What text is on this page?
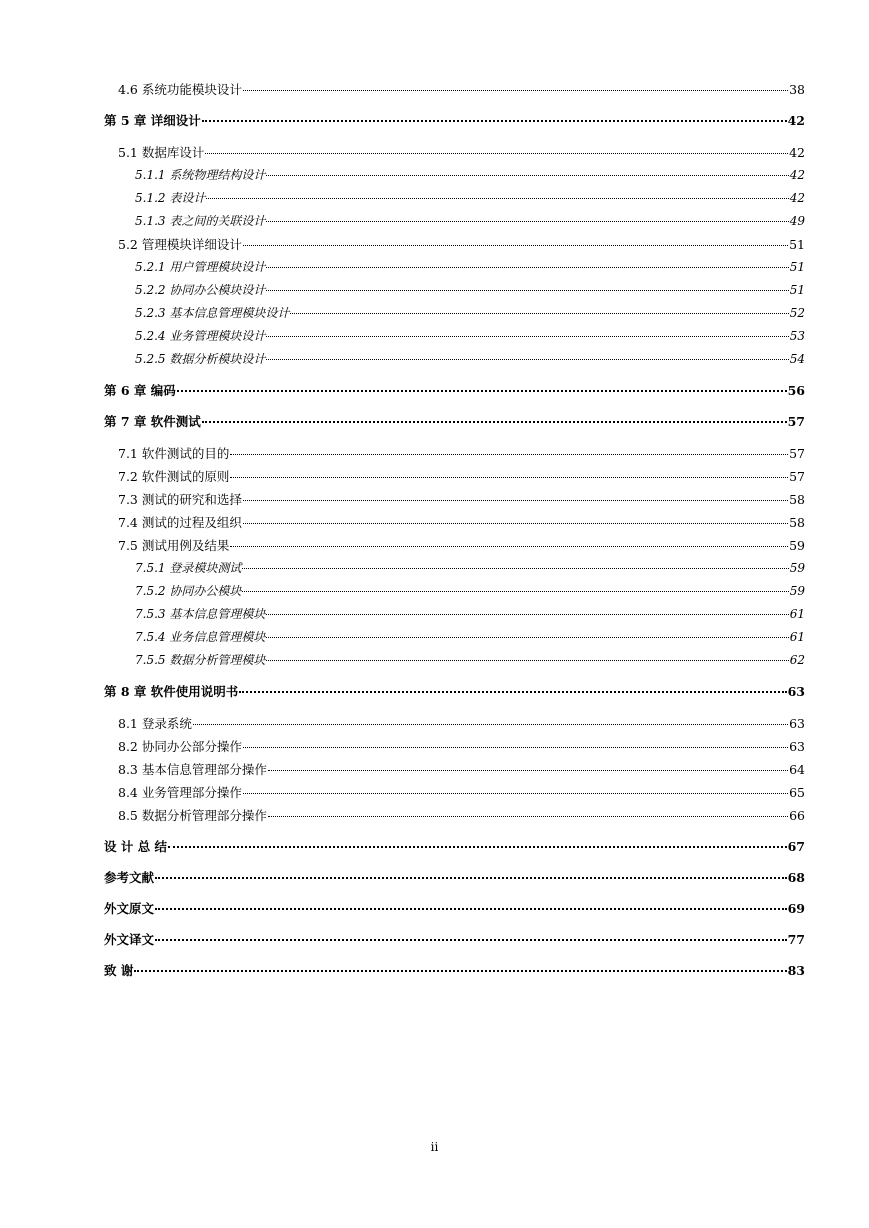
4.6 系统功能模块设计	38
第 5 章 详细设计	42
5.1 数据库设计	42
5.1.1 系统物理结构设计	42
5.1.2 表设计	42
5.1.3 表之间的关联设计	49
5.2 管理模块详细设计	51
5.2.1 用户管理模块设计	51
5.2.2 协同办公模块设计	51
5.2.3 基本信息管理模块设计	52
5.2.4 业务管理模块设计	53
5.2.5 数据分析模块设计	54
第 6 章 编码	56
第 7 章 软件测试	57
7.1 软件测试的目的	57
7.2 软件测试的原则	57
7.3 测试的研究和选择	58
7.4 测试的过程及组织	58
7.5 测试用例及结果	59
7.5.1 登录模块测试	59
7.5.2 协同办公模块	59
7.5.3 基本信息管理模块	61
7.5.4 业务信息管理模块	61
7.5.5 数据分析管理模块	62
第 8 章 软件使用说明书	63
8.1 登录系统	63
8.2 协同办公部分操作	63
8.3 基本信息管理部分操作	64
8.4 业务管理部分操作	65
8.5 数据分析管理部分操作	66
设 计 总 结	67
参考文献	68
外文原文	69
外文译文	77
致 谢	83
ii
